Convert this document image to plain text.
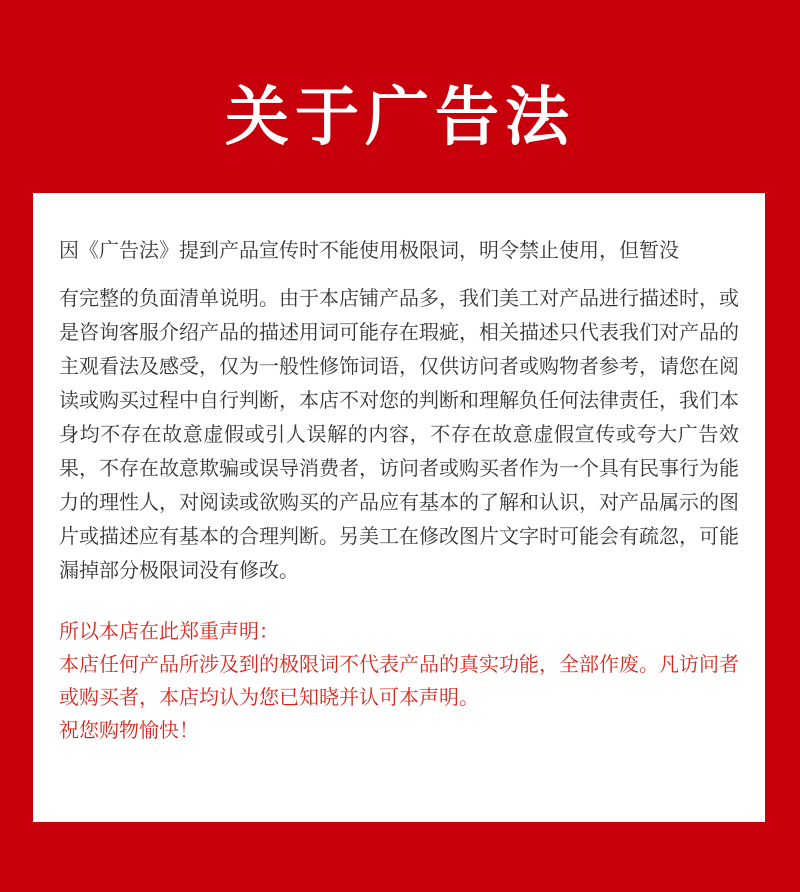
关于广告法

因《广告法》提到产品宣传时不能使用极限词，明令禁止使用，但暂没

有完整的负面清单说明。由于本店铺产品多，我们美工对产品进行描述时，或是咨询客服介绍产品的描述用词可能存在瑕疵，相关描述只代表我们对产品的主观看法及感受，仅为一般性修饰词语，仅供访问者或购物者参考，请您在阅读或购买过程中自行判断，本店不对您的判断和理解负任何法律责任，我们本身均不存在故意虚假或引人误解的内容，不存在故意虚假宣传或夸大广告效果，不存在故意欺骗或误导消费者，访问者或购买者作为一个具有民事行为能力的理性人，对阅读或欲购买的产品应有基本的了解和认识，对产品属示的图片或描述应有基本的合理判断。另美工在修改图片文字时可能会有疏忽，可能漏掉部分极限词没有修改。

所以本店在此郑重声明：
本店任何产品所涉及到的极限词不代表产品的真实功能，全部作废。凡访问者或购买者，本店均认为您已知晓并认可本声明。
祝您购物愉快！
